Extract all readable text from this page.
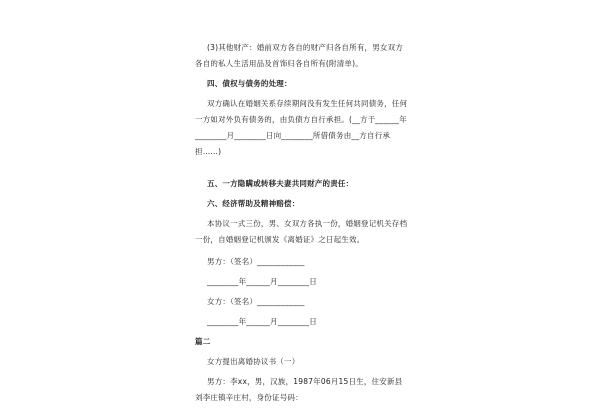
(3)其他财产：婚前双方各自的财产归各自所有，男女双方各自的私人生活用品及首饰归各自所有(附清单)。

四、债权与债务的处理：

双方确认在婚姻关系存续期间没有发生任何共同债务，任何一方如对外负有债务的，由负债方自行承担。(__方于______年________月________日向________所借债务由__方自行承担……)

五、一方隐瞒或转移夫妻共同财产的责任：

六、经济帮助及精神赔偿：

本协议一式三份，男、女双方各执一份，婚姻登记机关存档一份，自婚姻登记机颁发《离婚证》之日起生效。

男方：（签名）____________

________年______月________日

女方：（签名）____________

________年______月________日

篇二

女方提出离婚协议书（一）

男方：李xx，男，汉族，1987年06月15日生，住安新县刘李庄镇辛庄村，身份证号码：
